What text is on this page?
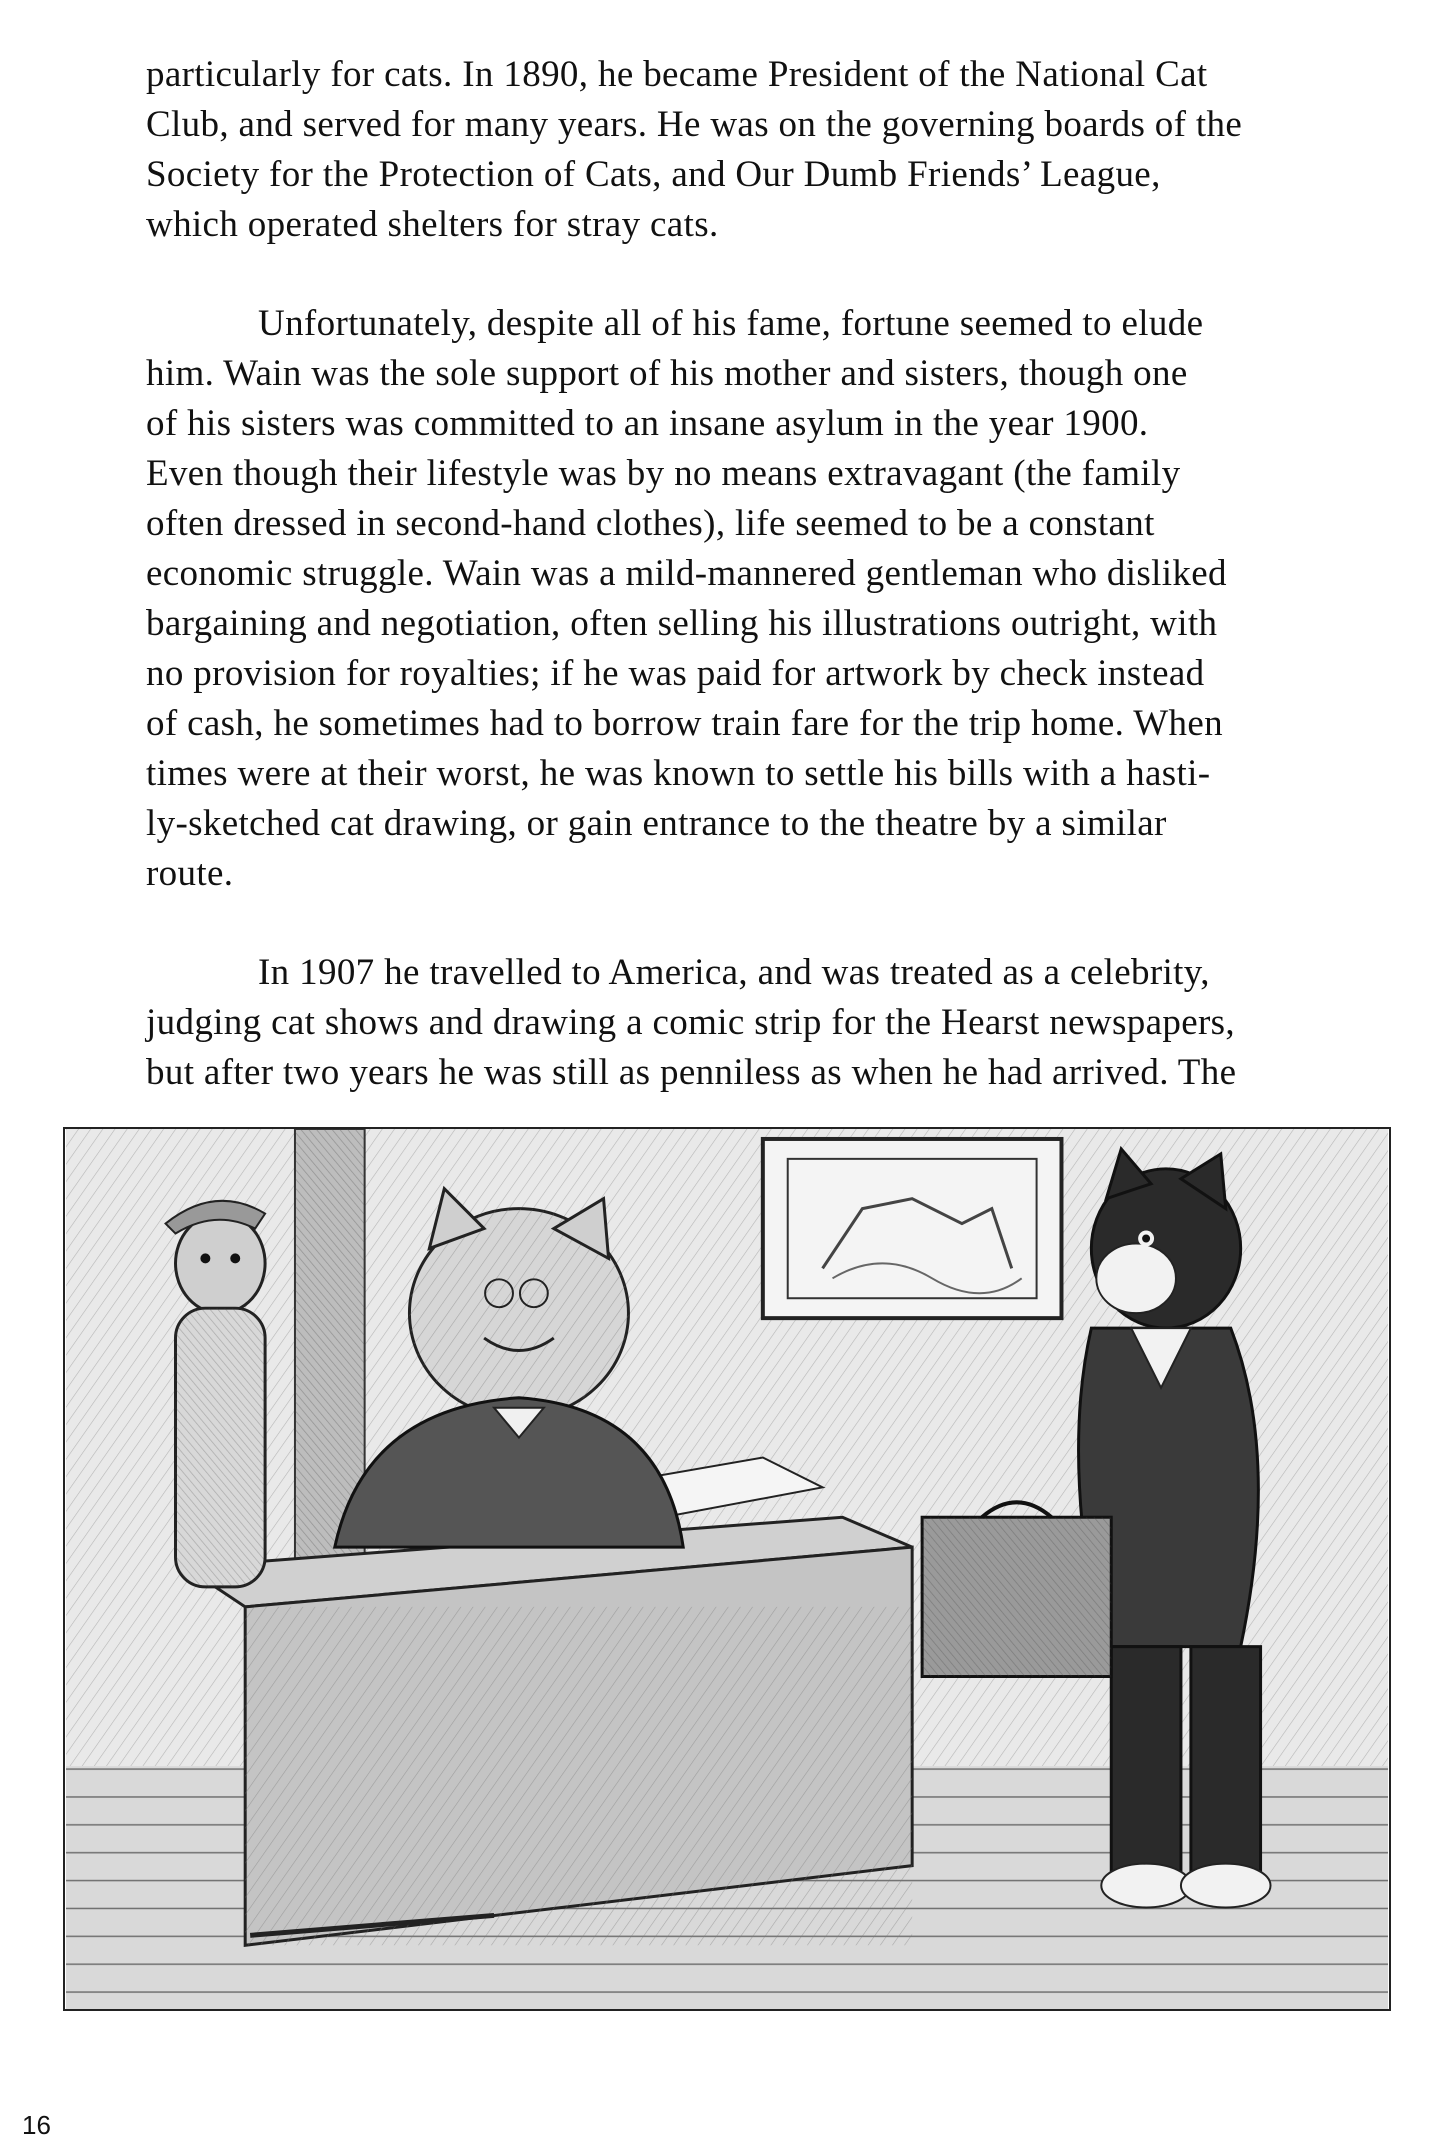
particularly for cats. In 1890, he became President of the National Cat
Club, and served for many years. He was on the governing boards of the
Society for the Protection of Cats, and Our Dumb Friends’ League,
which operated shelters for stray cats.
Unfortunately, despite all of his fame, fortune seemed to elude
him. Wain was the sole support of his mother and sisters, though one
of his sisters was committed to an insane asylum in the year 1900.
Even though their lifestyle was by no means extravagant (the family
often dressed in second-hand clothes), life seemed to be a constant
economic struggle. Wain was a mild-mannered gentleman who disliked
bargaining and negotiation, often selling his illustrations outright, with
no provision for royalties; if he was paid for artwork by check instead
of cash, he sometimes had to borrow train fare for the trip home. When
times were at their worst, he was known to settle his bills with a hasti-
ly-sketched cat drawing, or gain entrance to the theatre by a similar
route.
In 1907 he travelled to America, and was treated as a celebrity,
judging cat shows and drawing a comic strip for the Hearst newspapers,
but after two years he was still as penniless as when he had arrived. The
16
